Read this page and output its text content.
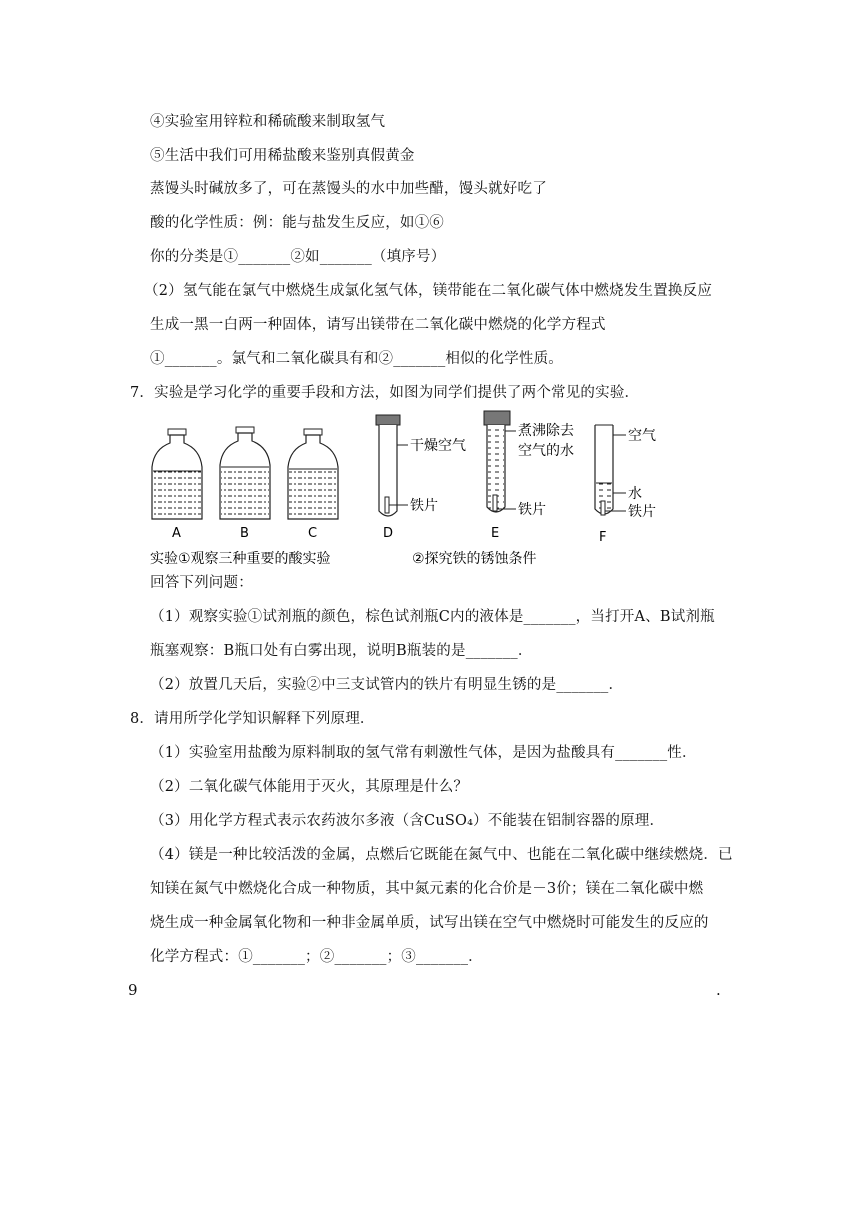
④实验室用锌粒和稀硫酸来制取氢气
⑤生活中我们可用稀盐酸来鉴别真假黄金
蒸馒头时碱放多了，可在蒸馒头的水中加些醋，馒头就好吃了
酸的化学性质：例：能与盐发生反应，如①⑥
你的分类是①_______②如_______（填序号）
（2）氢气能在氯气中燃烧生成氯化氢气体，镁带能在二氧化碳气体中燃烧发生置换反应
生成一黑一白两一种固体，请写出镁带在二氧化碳中燃烧的化学方程式
①_______。氯气和二氧化碳具有和②_______相似的化学性质。
7．实验是学习化学的重要手段和方法，如图为同学们提供了两个常见的实验．
A	B	C
干燥空气
铁片
D
煮沸除去
空气的水
铁片
E
空气
水
铁片
F
实验①观察三种重要的酸实验	②探究铁的锈蚀条件
回答下列问题：
（1）观察实验①试剂瓶的颜色，棕色试剂瓶C内的液体是_______，当打开A、B试剂瓶
瓶塞观察：B瓶口处有白雾出现，说明B瓶装的是_______．
（2）放置几天后，实验②中三支试管内的铁片有明显生锈的是_______．
8．请用所学化学知识解释下列原理．
（1）实验室用盐酸为原料制取的氢气常有刺激性气体，是因为盐酸具有_______性．
（2）二氧化碳气体能用于灭火，其原理是什么？
（3）用化学方程式表示农药波尔多液（含CuSO₄）不能装在铝制容器的原理．
（4）镁是一种比较活泼的金属，点燃后它既能在氮气中、也能在二氧化碳中继续燃烧．已
知镁在氮气中燃烧化合成一种物质，其中氮元素的化合价是－3价；镁在二氧化碳中燃
烧生成一种金属氧化物和一种非金属单质，试写出镁在空气中燃烧时可能发生的反应的
化学方程式：①_______；②_______；③_______．
9	.
